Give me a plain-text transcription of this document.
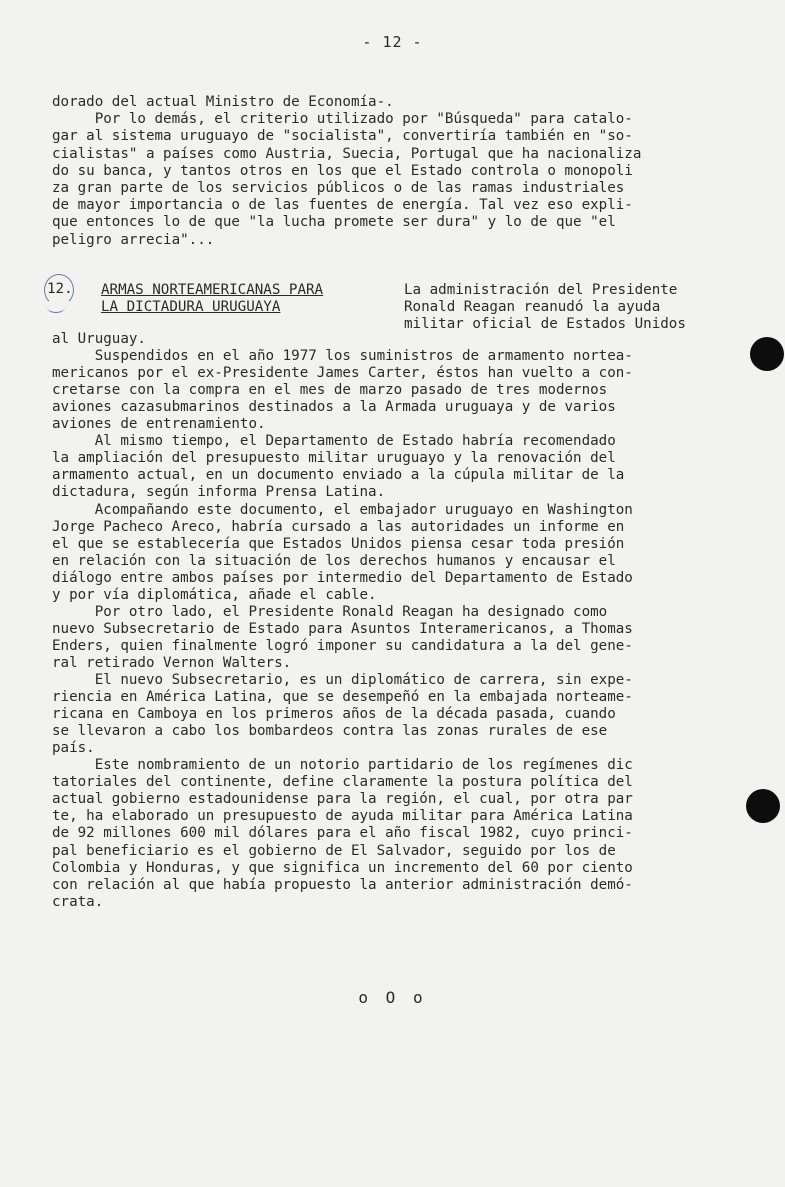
- 12 -
dorado del actual Ministro de Economía-.
Por lo demás, el criterio utilizado por "Búsqueda" para catalo-
gar al sistema uruguayo de "socialista", convertiría también en "so-
cialistas" a países como Austria, Suecia, Portugal que ha nacionaliza
do su banca, y tantos otros en los que el Estado controla o monopoli
za gran parte de los servicios públicos o de las ramas industriales
de mayor importancia o de las fuentes de energía. Tal vez eso expli-
que entonces lo de que "la lucha promete ser dura" y lo de que "el
peligro arrecia"...
12. ARMAS NORTEAMERICANAS PARA
LA DICTADURA URUGUAYA
La administración del Presidente
Ronald Reagan reanudó la ayuda
militar oficial de Estados Unidos
al Uruguay.
Suspendidos en el año 1977 los suministros de armamento nortea-
mericanos por el ex-Presidente James Carter, éstos han vuelto a con-
cretarse con la compra en el mes de marzo pasado de tres modernos
aviones cazasubmarinos destinados a la Armada uruguaya y de varios
aviones de entrenamiento.
Al mismo tiempo, el Departamento de Estado habría recomendado
la ampliación del presupuesto militar uruguayo y la renovación del
armamento actual, en un documento enviado a la cúpula militar de la
dictadura, según informa Prensa Latina.
Acompañando este documento, el embajador uruguayo en Washington
Jorge Pacheco Areco, habría cursado a las autoridades un informe en
el que se establecería que Estados Unidos piensa cesar toda presión
en relación con la situación de los derechos humanos y encausar el
diálogo entre ambos países por intermedio del Departamento de Estado
y por vía diplomática, añade el cable.
Por otro lado, el Presidente Ronald Reagan ha designado como
nuevo Subsecretario de Estado para Asuntos Interamericanos, a Thomas
Enders, quien finalmente logró imponer su candidatura a la del gene-
ral retirado Vernon Walters.
El nuevo Subsecretario, es un diplomático de carrera, sin expe-
riencia en América Latina, que se desempeñó en la embajada norteame-
ricana en Camboya en los primeros años de la década pasada, cuando
se llevaron a cabo los bombardeos contra las zonas rurales de ese
país.
Este nombramiento de un notorio partidario de los regímenes dic
tatoriales del continente, define claramente la postura política del
actual gobierno estadounidense para la región, el cual, por otra par
te, ha elaborado un presupuesto de ayuda militar para América Latina
de 92 millones 600 mil dólares para el año fiscal 1982, cuyo princi-
pal beneficiario es el gobierno de El Salvador, seguido por los de
Colombia y Honduras, y que significa un incremento del 60 por ciento
con relación al que había propuesto la anterior administración demó-
crata.
o O o
